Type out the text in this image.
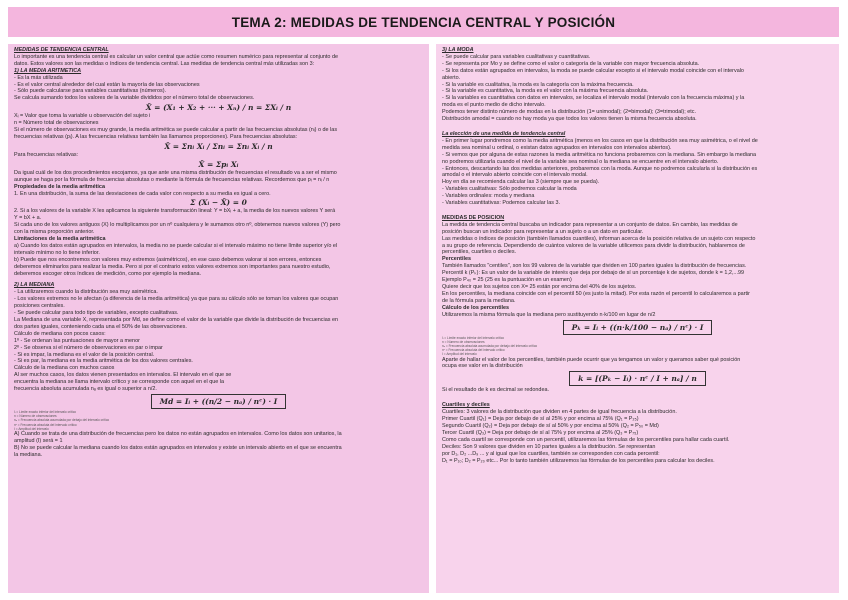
TEMA 2: MEDIDAS DE TENDENCIA CENTRAL Y POSICIÓN
MEDIDAS DE TENDENCIA CENTRAL
Lo importante es una tendencia central es calcular un valor central que actúe como resumen numérico para representar al conjunto de
datos. Estos valores son las medidas o índices de tendencia central. Las medidas de tendencia central más utilizadas son 3:
1) LA MEDIA ARITMÉTICA
- Es la más utilizada
- Es el valor central alrededor del cual están la mayoría de las observaciones
- Sólo puede calcularse para variables cuantitativas (números).
Se calcula sumando todos los valores de la variable divididos por el número total de observaciones.
X̄ = (X₁ + X₂ + ··· + Xₙ) / n = ΣXᵢ / n
Xᵢ = Valor que toma la variable u observación del sujeto i
n = Número total de observaciones
Si el número de observaciones es muy grande, la media aritmética se puede calcular a partir de las frecuencias absolutas (nᵢ) o de las
frecuencias relativas (pᵢ). A las frecuencias relativas también las llamamos proporciones). Para frecuencias absolutas:
X̄ = Σnᵢ Xᵢ / Σnᵢ = Σnᵢ Xᵢ / n
Para frecuencias relativas:
X̄ = Σpᵢ Xᵢ
Da igual cuál de los dos procedimientos escojamos, ya que ante una misma distribución de frecuencias el resultado va a ser el mismo
aunque se haga por la fórmula de frecuencias absolutas o mediante la fórmula de frecuencias relativas. Recordemos que pᵢ = nᵢ / n
Propiedades de la media aritmética
1. En una distribución, la suma de las desviaciones de cada valor con respecto a su media es igual a cero.
Σ (Xᵢ − X̄) = 0
2. Si a los valores de la variable X les aplicamos la siguiente transformación lineal: Y = bXᵢ + a, la media de los nuevos valores Y será
Ȳ = bX̄ + a.
Si cada uno de los valores antiguos (X) lo multiplicamos por un nº cualquiera y le sumamos otro nº, obtenemos nuevos valores (Y) pero
con la misma proporción anterior.
Limitaciones de la media aritmética
a) Cuando los datos están agrupados en intervalos, la media no se puede calcular si el intervalo máximo no tiene límite superior y/o el
intervalo mínimo no lo tiene inferior.
b) Puede que nos encontremos con valores muy extremos (asimétricos), en ese caso debemos valorar si son errores, entonces
deberemos eliminarlos para realizar la media. Pero si por el contrario estos valores extremos son importantes para nuestro estudio,
deberemos escoger otros índices de medición, como por ejemplo la mediana.
2) LA MEDIANA
- La utilizaremos cuando la distribución sea muy asimétrica.
- Los valores extremos no le afectan (a diferencia de la media aritmética) ya que para su cálculo sólo se toman los valores que ocupan
posiciones centrales.
- Se puede calcular para todo tipo de variables, excepto cualitativas.
La Mediana de una variable X, representada por Md, se define como el valor de la variable que divide la distribución de frecuencias en
dos partes iguales, conteniendo cada una el 50% de las observaciones.
Cálculo de mediana con pocos casos:
1º - Se ordenan las puntuaciones de mayor a menor
2º - Se observa si el número de observaciones es par o impar
- Si es impar, la mediana es el valor de la posición central.
- Si es par, la mediana es la media aritmética de los dos valores centrales.
Cálculo de la mediana con muchos casos
Al ser muchos casos, los datos vienen presentados en intervalos. El intervalo en el que se
encuentra la mediana se llama intervalo crítico y se corresponde con aquel en el que la
frecuencia absoluta acumulada nₐ es igual o superior a n/2.
Md = Iᵢ + ((n/2 − nₐ) / nᶜ) · I
Iᵢ = Límite exacto inferior del intervalo crítico
n = Número de observaciones
nₐ = Frecuencia absoluta acumulada por debajo del intervalo crítico
nᶜ = Frecuencia absoluta del intervalo crítico
I = Amplitud del intervalo
A) Cuando se trata de una distribución de frecuencias pero los datos no están agrupados en intervalos. Como los datos son unitarios, la
amplitud (I) será = 1
B) No se puede calcular la mediana cuando los datos están agrupados en intervalos y existe un intervalo abierto en el que se encuentra
la mediana.
3) LA MODA
- Se puede calcular para variables cualitativas y cuantitativas.
- Se representa por Mo y se define como el valor o categoría de la variable con mayor frecuencia absoluta.
- Si los datos están agrupados en intervalos, la moda se puede calcular excepto si el intervalo modal coincide con el intervalo
abierto.
- Si la variable es cualitativa, la moda es la categoría con la máxima frecuencia.
- Si la variable es cuantitativa, la moda es el valor con la máxima frecuencia absoluta.
- Si la variables es cuantitativa con datos en intervalos, se localiza el intervalo modal (intervalo con la frecuencia máxima) y la
moda es el punto medio de dicho intervalo.
Podemos tener distinto número de modas en la distribución (1= unimodal); (2=bimodal); (3=trimodal); etc.
Distribución amodal = cuando no hay moda ya que todos los valores tienen la misma frecuencia absoluta.
La elección de una medida de tendencia central
- En primer lugar pondremos como la media aritmética (menos en los casos en que la distribución sea muy asimétrica, o el nivel de
medida sea nominal u ordinal, o existan datos agrupados en intervalos con intervalos abiertos).
- Si vemos que por alguna de estas razones la media aritmética no funciona probaremos con la mediana. Sin embargo la mediana
no podremos utilizarla cuando el nivel de la variable sea nominal o la mediana se encuentre en el intervalo abierto.
- Entonces, descartando las dos medidas anteriores, probaremos con la moda. Aunque no podremos calcularla si la distribución es
amodal o el intervalo abierto coincide con el intervalo modal.
Hoy en día se recomienda calcular las 3 (siempre que se pueda).
- Variables cualitativas: Sólo podremos calcular la moda
- Variables ordinales: moda y mediana
- Variables cuantitativas: Podemos calcular las 3.
MEDIDAS DE POSICIÓN
La medida de tendencia central buscaba un indicador para representar a un conjunto de datos. En cambio, las medidas de
posición buscan un indicador para representar a un sujeto o a un dato en particular.
Las medidas o índices de posición (también llamados cuantiles), informan acerca de la posición relativa de un sujeto con respecto
a su grupo de referencia. Dependiendo de cuántos valores de la variable utilicemos para dividir la distribución, hablaremos de
percentiles, cuartiles o deciles.
Percentiles
También llamados "centiles", son los 99 valores de la variable que dividen en 100 partes iguales la distribución de frecuencias.
Percentil k (Pₖ): Es un valor de la variable de interés que deja por debajo de sí un porcentaje k de sujetos, donde k = 1,2,...99
Ejemplo P₄₀ = 25 (25 es la puntuación en un examen)
Quiere decir que los sujetos con X= 25 están por encima del 40% de los sujetos.
En los percentiles, la mediana coincide con el percentil 50 (es justo la mitad). Por esta razón el percentil lo calcularemos a partir
de la fórmula para la mediana.
Cálculo de los percentiles
Utilizaremos la misma fórmula que la mediana pero sustituyendo n·k/100 en lugar de n/2
Pₖ = Iᵢ + ((n·k/100 − nₐ) / nᶜ) · I
Iᵢ = Límite exacto inferior del intervalo crítico
n = Número de observaciones
nₐ = Frecuencia absoluta acumulada por debajo del intervalo crítico
nᶜ = Frecuencia absoluta del intervalo crítico
I = Amplitud del intervalo
Aparte de hallar el valor de los percentiles, también puede ocurrir que ya tengamos un valor y queramos saber qué posición
ocupa ese valor en la distribución
k = [(Pₖ − Iᵢ) · nᶜ / I + nₐ] / n
Si el resultado de k es decimal se redondea.
Cuartiles y deciles
Cuartiles: 3 valores de la distribución que dividen en 4 partes de igual frecuencia a la distribución.
Primer Cuartil (Q₁) = Deja por debajo de sí al 25% y por encima al 75% (Q₁ = P₂₅)
Segundo Cuartil (Q₂) = Deja por debajo de sí al 50% y por encima al 50% (Q₂ = P₅₀ = Md)
Tercer Cuartil (Q₃) = Deja por debajo de sí al 75% y por encima al 25% (Q₃ = P₇₅)
Como cada cuartil se corresponde con un percentil, utilizaremos las fórmulas de los percentiles para hallar cada cuartil.
Deciles: Son 9 valores que dividen en 10 partes iguales a la distribución. Se representan
por D₁, D₂ ...D₉ ... y al igual que los cuartiles, también se corresponden con cada percentil:
D₁ = P₁₀; D₂ = P₂₀ etc... Por lo tanto también utilizaremos las fórmulas de los percentiles para calcular los deciles.
